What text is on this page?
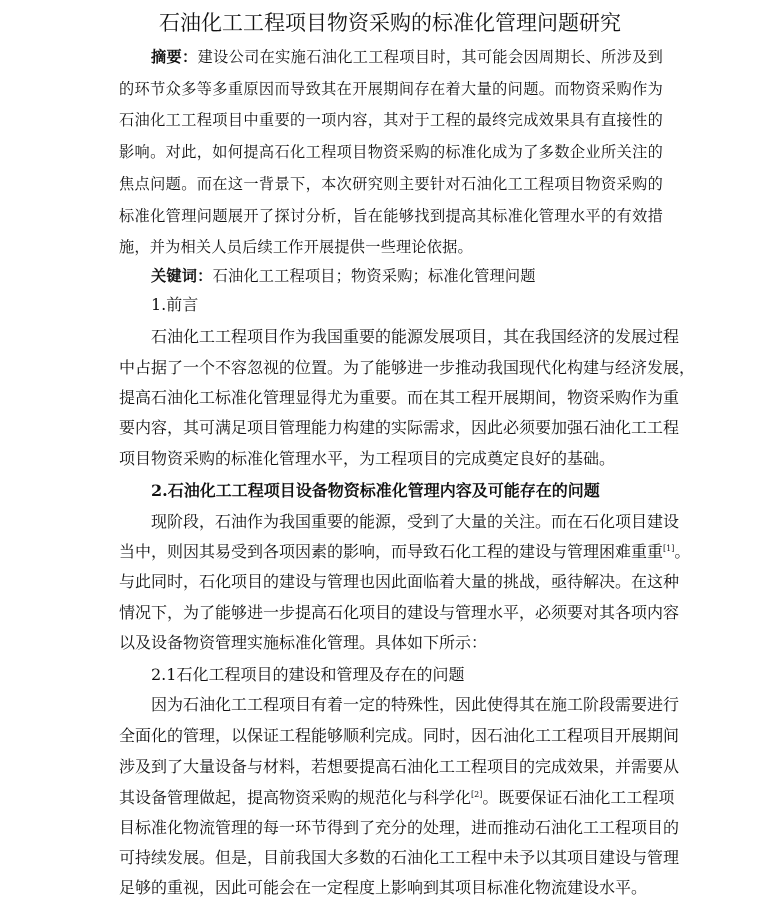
石油化工工程项目物资采购的标准化管理问题研究
摘要：建设公司在实施石油化工工程项目时，其可能会因周期长、所涉及到
的环节众多等多重原因而导致其在开展期间存在着大量的问题。而物资采购作为
石油化工工程项目中重要的一项内容，其对于工程的最终完成效果具有直接性的
影响。对此，如何提高石化工程项目物资采购的标准化成为了多数企业所关注的
焦点问题。而在这一背景下，本次研究则主要针对石油化工工程项目物资采购的
标准化管理问题展开了探讨分析，旨在能够找到提高其标准化管理水平的有效措
施，并为相关人员后续工作开展提供一些理论依据。
关键词：石油化工工程项目；物资采购；标准化管理问题
1.前言
石油化工工程项目作为我国重要的能源发展项目，其在我国经济的发展过程
中占据了一个不容忽视的位置。为了能够进一步推动我国现代化构建与经济发展，
提高石油化工标准化管理显得尤为重要。而在其工程开展期间，物资采购作为重
要内容，其可满足项目管理能力构建的实际需求，因此必须要加强石油化工工程
项目物资采购的标准化管理水平，为工程项目的完成奠定良好的基础。
2.石油化工工程项目设备物资标准化管理内容及可能存在的问题
现阶段，石油作为我国重要的能源，受到了大量的关注。而在石化项目建设
当中，则因其易受到各项因素的影响，而导致石化工程的建设与管理困难重重[1]。
与此同时，石化项目的建设与管理也因此面临着大量的挑战，亟待解决。在这种
情况下，为了能够进一步提高石化项目的建设与管理水平，必须要对其各项内容
以及设备物资管理实施标准化管理。具体如下所示：
2.1石化工程项目的建设和管理及存在的问题
因为石油化工工程项目有着一定的特殊性，因此使得其在施工阶段需要进行
全面化的管理，以保证工程能够顺利完成。同时，因石油化工工程项目开展期间
涉及到了大量设备与材料，若想要提高石油化工工程项目的完成效果，并需要从
其设备管理做起，提高物资采购的规范化与科学化[2]。既要保证石油化工工程项
目标准化物流管理的每一环节得到了充分的处理，进而推动石油化工工程项目的
可持续发展。但是，目前我国大多数的石油化工工程中未予以其项目建设与管理
足够的重视，因此可能会在一定程度上影响到其项目标准化物流建设水平。
